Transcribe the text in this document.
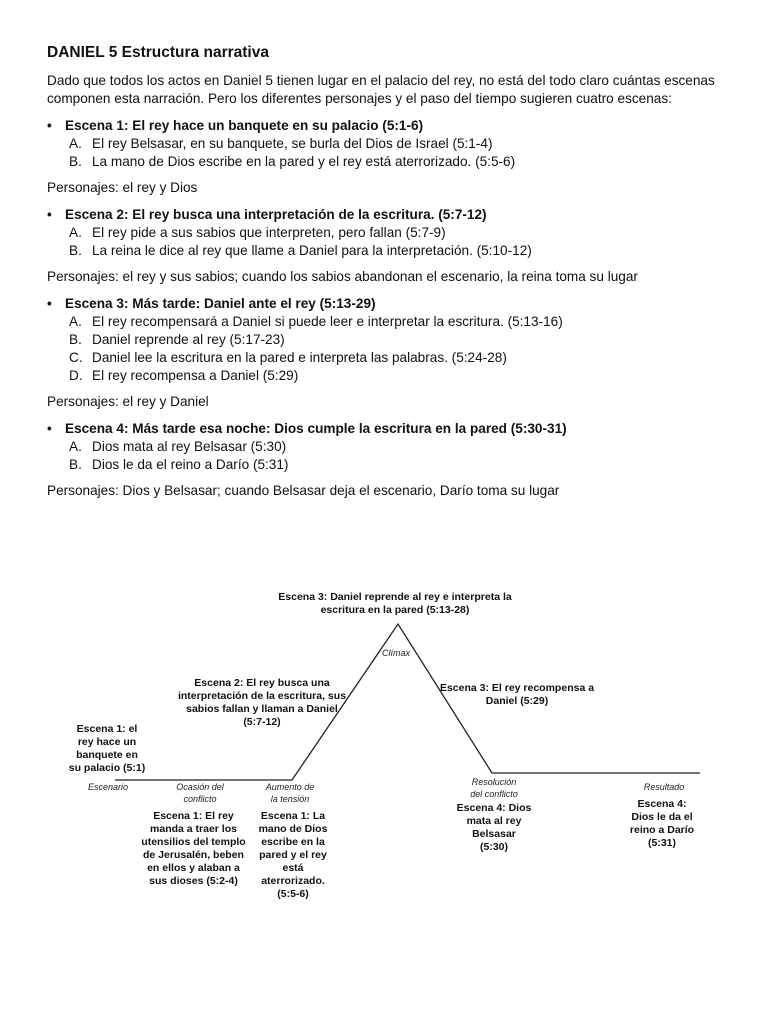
DANIEL 5 Estructura narrativa
Dado que todos los actos en Daniel 5 tienen lugar en el palacio del rey, no está del todo claro cuántas escenas componen esta narración. Pero los diferentes personajes y el paso del tiempo sugieren cuatro escenas:
• Escena 1: El rey hace un banquete en su palacio (5:1-6)
A. El rey Belsasar, en su banquete, se burla del Dios de Israel (5:1-4)
B. La mano de Dios escribe en la pared y el rey está aterrorizado. (5:5-6)
Personajes: el rey y Dios
• Escena 2: El rey busca una interpretación de la escritura. (5:7-12)
A. El rey pide a sus sabios que interpreten, pero fallan (5:7-9)
B. La reina le dice al rey que llame a Daniel para la interpretación. (5:10-12)
Personajes: el rey y sus sabios; cuando los sabios abandonan el escenario, la reina toma su lugar
• Escena 3: Más tarde: Daniel ante el rey (5:13-29)
A. El rey recompensará a Daniel si puede leer e interpretar la escritura. (5:13-16)
B. Daniel reprende al rey (5:17-23)
C. Daniel lee la escritura en la pared e interpreta las palabras. (5:24-28)
D. El rey recompensa a Daniel (5:29)
Personajes: el rey y Daniel
• Escena 4: Más tarde esa noche: Dios cumple la escritura en la pared (5:30-31)
A. Dios mata al rey Belsasar (5:30)
B. Dios le da el reino a Darío (5:31)
Personajes: Dios y Belsasar; cuando Belsasar deja el escenario, Darío toma su lugar
Escenario	Ocasión del
conflicto
Aumento de
la tensión
Clímax
Resolución
del conflicto
Resultado
Escena 3: Daniel reprende al rey e interpreta la
escritura en la pared (5:13-28)
Escena 2: El rey busca una
interpretación de la escritura, sus
sabios fallan y llaman a Daniel
(5:7-12)
Escena 3: El rey recompensa a
Daniel (5:29)
Escena 1: el
rey hace un
banquete en
su palacio (5:1)
Escena 1: El rey
manda a traer los
utensilios del templo
de Jerusalén, beben
en ellos y alaban a
sus dioses (5:2-4)
Escena 1: La
mano de Dios
escribe en la
pared y el rey
está
aterrorizado.
(5:5-6)
Escena 4: Dios
mata al rey
Belsasar
(5:30)
Escena 4:
Dios le da el
reino a Darío
(5:31)
